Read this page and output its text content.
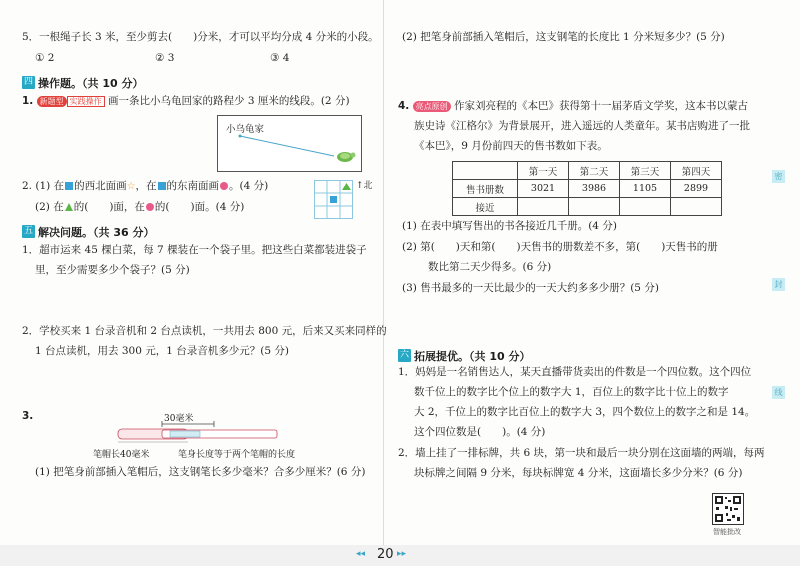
5．一根绳子长 3 米，至少剪去(　　)分米，才可以平均分成 4 分米的小段。
① 2	② 3	③ 4
四 操作题。（共 10 分）
1. 新题型 实践操作 画一条比小乌龟回家的路程少 3 厘米的线段。(2 分)
小乌龟家
2. (1) 在 的西北面画☆，在 的东南面画 。(4 分)
(2) 在 的(　　)面，在 的(　　)面。(4 分)
↑北
五 解决问题。（共 36 分）
1．超市运来 45 棵白菜，每 7 棵装在一个袋子里。把这些白菜都装进袋子
里，至少需要多少个袋子？(5 分)
2．学校买来 1 台录音机和 2 台点读机，一共用去 800 元，后来又买来同样的
1 台点读机，用去 300 元，1 台录音机多少元？(5 分)
3.	30毫米
笔帽长40毫米	笔身长度等于两个笔帽的长度
(1) 把笔身前部插入笔帽后，这支钢笔长多少毫米？合多少厘米？(6 分)
(2) 把笔身前部插入笔帽后，这支钢笔的长度比 1 分米短多少？(5 分)
4. 亮点原创 作家刘亮程的《本巴》获得第十一届茅盾文学奖，这本书以蒙古
族史诗《江格尔》为背景展开，进入遥远的人类童年。某书店购进了一批
《本巴》，9 月份前四天的售书数如下表。
	第一天	第二天	第三天	第四天
售书册数	3021	3986	1105	2899
接近				
(1) 在表中填写售出的书各接近几千册。(4 分)
(2) 第(　　)天和第(　　)天售书的册数差不多，第(　　)天售书的册
数比第二天少得多。(6 分)
(3) 售书最多的一天比最少的一天大约多多少册？(5 分)
六 拓展提优。（共 10 分）
1．妈妈是一名销售达人，某天直播带货卖出的件数是一个四位数。这个四位
数千位上的数字比个位上的数字大 1，百位上的数字比十位上的数字
大 2，千位上的数字比百位上的数字大 3，四个数位上的数字之和是 14。
这个四位数是(　　)。(4 分)
2．墙上挂了一排标牌，共 6 块，第一块和最后一块分别在这面墙的两端，每两
块标牌之间隔 9 分米，每块标牌宽 4 分米，这面墙长多少分米？(6 分)
智能批改
密
封
线
◂◂ 20 ▸▸
